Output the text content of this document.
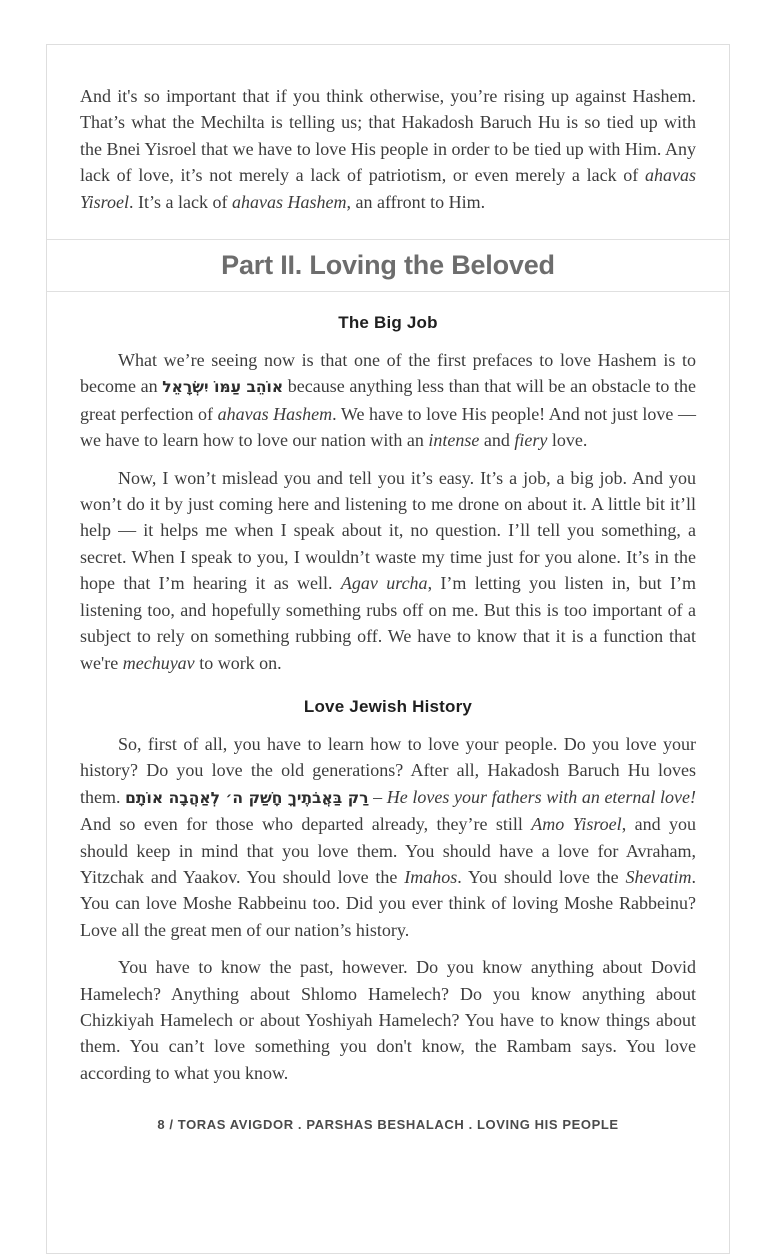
And it's so important that if you think otherwise, you’re rising up against Hashem. That’s what the Mechilta is telling us; that Hakadosh Baruch Hu is so tied up with the Bnei Yisroel that we have to love His people in order to be tied up with Him. Any lack of love, it’s not merely a lack of patriotism, or even merely a lack of ahavas Yisroel. It’s a lack of ahavas Hashem, an affront to Him.

Part II. Loving the Beloved
The Big Job

What we’re seeing now is that one of the first prefaces to love Hashem is to become an אוֹהֵב עַמּוֹ יִשְׂרָאֵל because anything less than that will be an obstacle to the great perfection of ahavas Hashem. We have to love His people! And not just love — we have to learn how to love our nation with an intense and fiery love.

Now, I won’t mislead you and tell you it’s easy. It’s a job, a big job. And you won’t do it by just coming here and listening to me drone on about it. A little bit it’ll help — it helps me when I speak about it, no question. I’ll tell you something, a secret. When I speak to you, I wouldn’t waste my time just for you alone. It’s in the hope that I’m hearing it as well. Agav urcha, I’m letting you listen in, but I’m listening too, and hopefully something rubs off on me. But this is too important of a subject to rely on something rubbing off. We have to know that it is a function that we're mechuyav to work on.

Love Jewish History

So, first of all, you have to learn how to love your people. Do you love your history? Do you love the old generations? After all, Hakadosh Baruch Hu loves them. רַק בַּאֲבֹתֶיךָ חָשַׁק ה׳ לְאַהֲבָה אוֹתָם – He loves your fathers with an eternal love! And so even for those who departed already, they’re still Amo Yisroel, and you should keep in mind that you love them. You should have a love for Avraham, Yitzchak and Yaakov. You should love the Imahos. You should love the Shevatim. You can love Moshe Rabbeinu too. Did you ever think of loving Moshe Rabbeinu? Love all the great men of our nation’s history.

You have to know the past, however. Do you know anything about Dovid Hamelech? Anything about Shlomo Hamelech? Do you know anything about Chizkiyah Hamelech or about Yoshiyah Hamelech? You have to know things about them. You can’t love something you don't know, the Rambam says. You love according to what you know.

8 / TORAS AVIGDOR . PARSHAS BESHALACH . LOVING HIS PEOPLE
